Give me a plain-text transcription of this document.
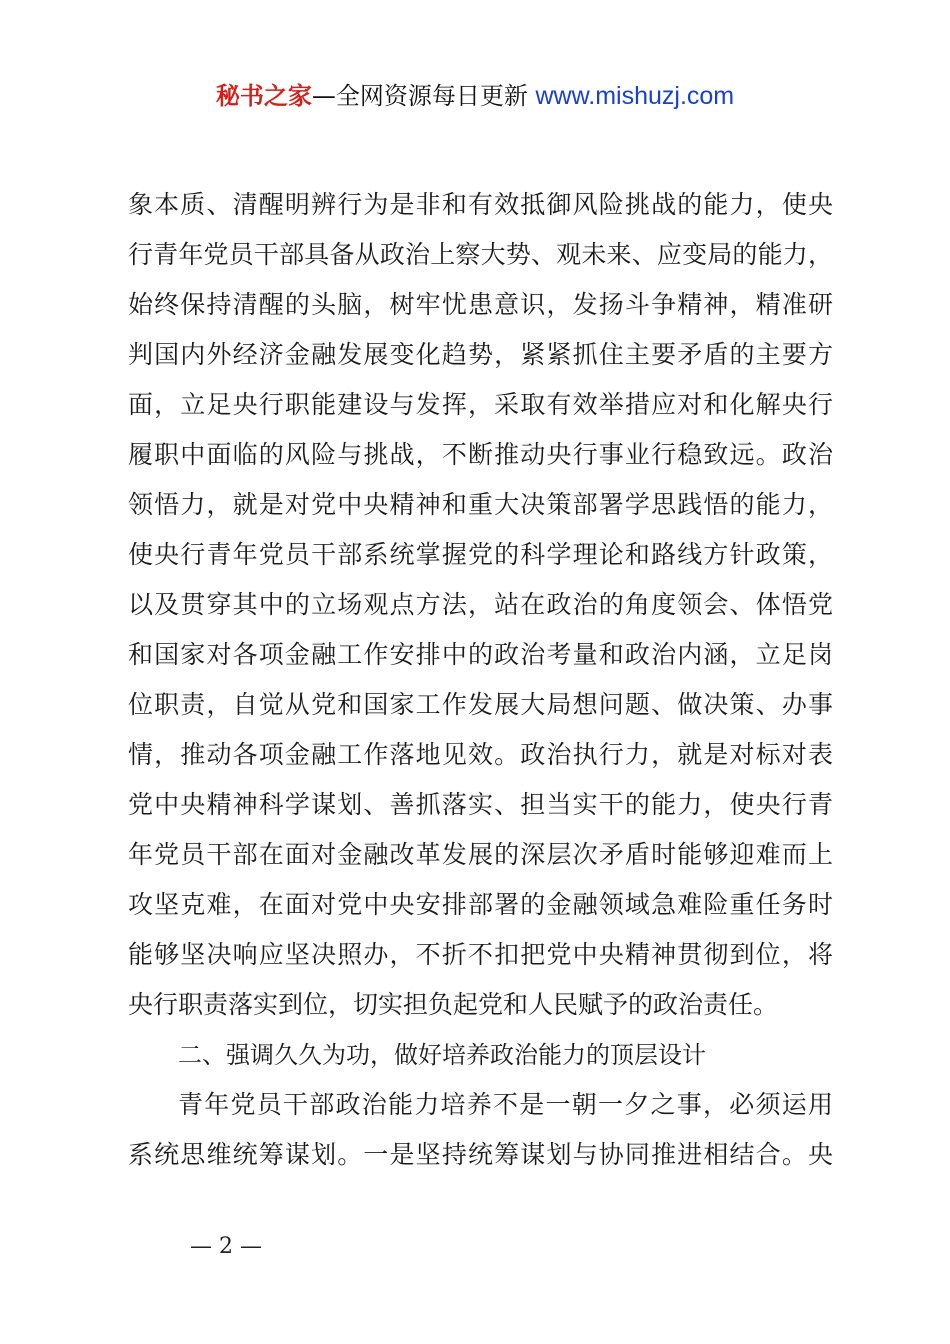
秘书之家—全网资源每日更新 www.mishuzj.com
象本质、清醒明辨行为是非和有效抵御风险挑战的能力，使央
行青年党员干部具备从政治上察大势、观未来、应变局的能力，
始终保持清醒的头脑，树牢忧患意识，发扬斗争精神，精准研
判国内外经济金融发展变化趋势，紧紧抓住主要矛盾的主要方
面，立足央行职能建设与发挥，采取有效举措应对和化解央行
履职中面临的风险与挑战，不断推动央行事业行稳致远。政治
领悟力，就是对党中央精神和重大决策部署学思践悟的能力，
使央行青年党员干部系统掌握党的科学理论和路线方针政策，
以及贯穿其中的立场观点方法，站在政治的角度领会、体悟党
和国家对各项金融工作安排中的政治考量和政治内涵，立足岗
位职责，自觉从党和国家工作发展大局想问题、做决策、办事
情，推动各项金融工作落地见效。政治执行力，就是对标对表
党中央精神科学谋划、善抓落实、担当实干的能力，使央行青
年党员干部在面对金融改革发展的深层次矛盾时能够迎难而上
攻坚克难，在面对党中央安排部署的金融领域急难险重任务时
能够坚决响应坚决照办，不折不扣把党中央精神贯彻到位，将
央行职责落实到位，切实担负起党和人民赋予的政治责任。
二、强调久久为功，做好培养政治能力的顶层设计
青年党员干部政治能力培养不是一朝一夕之事，必须运用
系统思维统筹谋划。一是坚持统筹谋划与协同推进相结合。央
— 2 —
